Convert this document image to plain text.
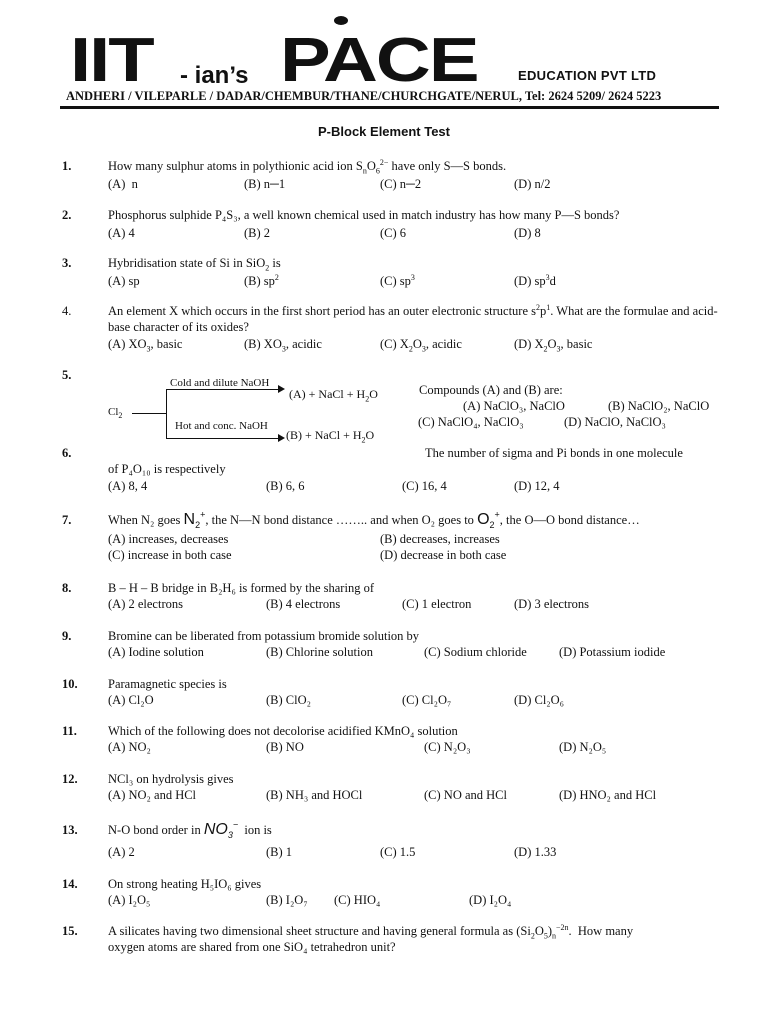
IIT - ian’s PACE	EDUCATION PVT LTD
ANDHERI / VILEPARLE / DADAR/CHEMBUR/THANE/CHURCHGATE/NERUL, Tel: 2624 5209/ 2624 5223
P-Block Element Test
1.	How many sulphur atoms in polythionic acid ion $S_nO_6^{2-}$ have only S—S bonds.
(A)  n	(B) n─1	(C) n─2	(D) n/2
2.	Phosphorus sulphide P₄S₃, a well known chemical used in match industry has how many P—S bonds?
(A) 4	(B) 2	(C) 6	(D) 8
3.	Hybridisation state of Si in SiO$_2$ is
(A) sp	(B) $sp^2$	(C) $sp^3$	(D) $sp^3d$
4.	An element X which occurs in the first short period has an outer electronic structure $s^2p^1$. What are the formulae and acid-base character of its oxides?
(A) $XO_3$, basic	(B) $XO_3$, acidic	(C) $X_2O_3$, acidic	(D) $X_2O_3$, basic
5.
$Cl_2$
Cold and dilute NaOH
(A) + NaCl + $H_2O$
Hot and conc. NaOH
(B) + NaCl + $H_2O$
Compounds (A) and (B) are:
(A) NaClO₃, NaClO	(B) NaClO₂, NaClO
(C) NaClO₄, NaClO₃	(D) NaClO, NaClO₃
6.	The number of sigma and Pi bonds in one molecule
of P₄O₁₀ is respectively
(A) 8, 4	(B) 6, 6	(C) 16, 4	(D) 12, 4
7.	When N₂ goes $N_2^+$, the N—N bond distance …….. and when O₂ goes to $O_2^+$, the O—O bond distance…
(A) increases, decreases	(B) decreases, increases
(C) increase in both case	(D) decrease in both case
8.	B – H – B bridge in B₂H₆ is formed by the sharing of
(A) 2 electrons	(B) 4 electrons	(C) 1 electron	(D) 3 electrons
9.	Bromine can be liberated from potassium bromide solution by
(A) Iodine solution	(B) Chlorine solution	(C) Sodium chloride	(D) Potassium iodide
10. Paramagnetic species is
(A) Cl₂O	(B) ClO₂	(C) Cl₂O₇	(D) Cl₂O₆
11. Which of the following does not decolorise acidified KMnO₄ solution
(A) NO₂	(B) NO	(C) N₂O₃	(D) N₂O₅
12. NCl₃ on hydrolysis gives
(A) NO₂ and HCl	(B) NH₃ and HOCl	(C) NO and HCl	(D) HNO₂ and HCl
13. N-O bond order in $NO_3^-$ ion is
(A) 2	(B) 1	(C) 1.5	(D) 1.33
14. On strong heating H₅IO₆ gives
(A) I₂O₅	(B) I₂O₇ (C) HIO₄	(D) I₂O₄
15. A silicates having two dimensional sheet structure and having general formula as $(Si_2O_5)_n^{-2n}$.  How many
oxygen atoms are shared from one SiO₄ tetrahedron unit?
